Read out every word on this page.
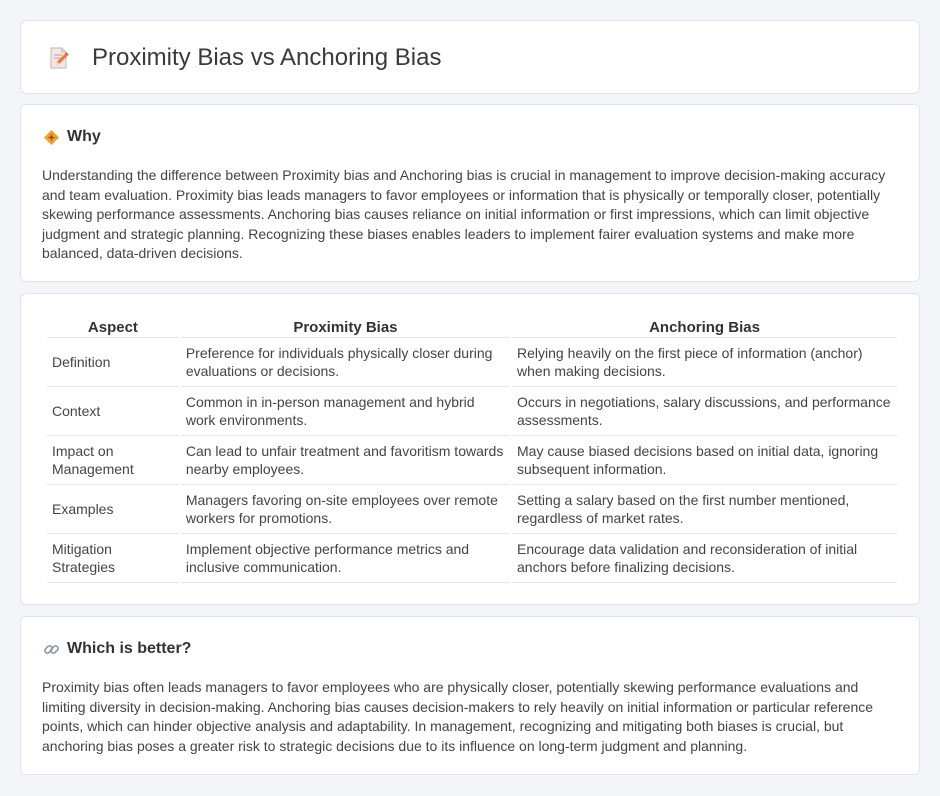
Proximity Bias vs Anchoring Bias
Why

Understanding the difference between Proximity bias and Anchoring bias is crucial in management to improve decision-making accuracy and team evaluation. Proximity bias leads managers to favor employees or information that is physically or temporally closer, potentially skewing performance assessments. Anchoring bias causes reliance on initial information or first impressions, which can limit objective judgment and strategic planning. Recognizing these biases enables leaders to implement fairer evaluation systems and make more balanced, data-driven decisions.

Aspect	Proximity Bias	Anchoring Bias
Definition	Preference for individuals physically closer during evaluations or decisions.	Relying heavily on the first piece of information (anchor) when making decisions.
Context	Common in in-person management and hybrid work environments.	Occurs in negotiations, salary discussions, and performance assessments.
Impact on Management	Can lead to unfair treatment and favoritism towards nearby employees.	May cause biased decisions based on initial data, ignoring subsequent information.
Examples	Managers favoring on-site employees over remote workers for promotions.	Setting a salary based on the first number mentioned, regardless of market rates.
Mitigation Strategies	Implement objective performance metrics and inclusive communication.	Encourage data validation and reconsideration of initial anchors before finalizing decisions.
Which is better?

Proximity bias often leads managers to favor employees who are physically closer, potentially skewing performance evaluations and limiting diversity in decision-making. Anchoring bias causes decision-makers to rely heavily on initial information or particular reference points, which can hinder objective analysis and adaptability. In management, recognizing and mitigating both biases is crucial, but anchoring bias poses a greater risk to strategic decisions due to its influence on long-term judgment and planning.
